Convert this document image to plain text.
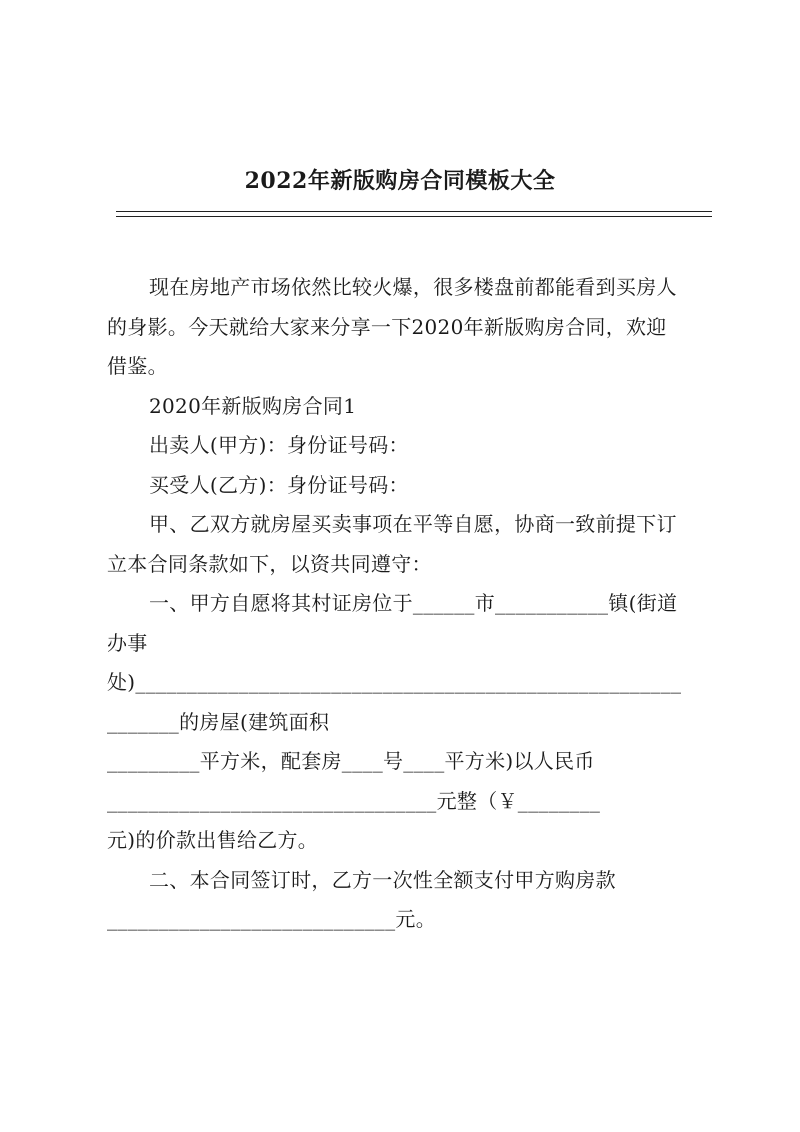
2022年新版购房合同模板大全
现在房地产市场依然比较火爆，很多楼盘前都能看到买房人
的身影。今天就给大家来分享一下2020年新版购房合同，欢迎
借鉴。
2020年新版购房合同1
出卖人(甲方)：身份证号码：
买受人(乙方)：身份证号码：
甲、乙双方就房屋买卖事项在平等自愿，协商一致前提下订
立本合同条款如下，以资共同遵守：
一、甲方自愿将其村证房位于______市___________镇(街道
办事
处)_____________________________________________________
_______的房屋(建筑面积
_________平方米，配套房____号____平方米)以人民币
________________________________元整（￥________
元)的价款出售给乙方。
二、本合同签订时，乙方一次性全额支付甲方购房款
____________________________元。
